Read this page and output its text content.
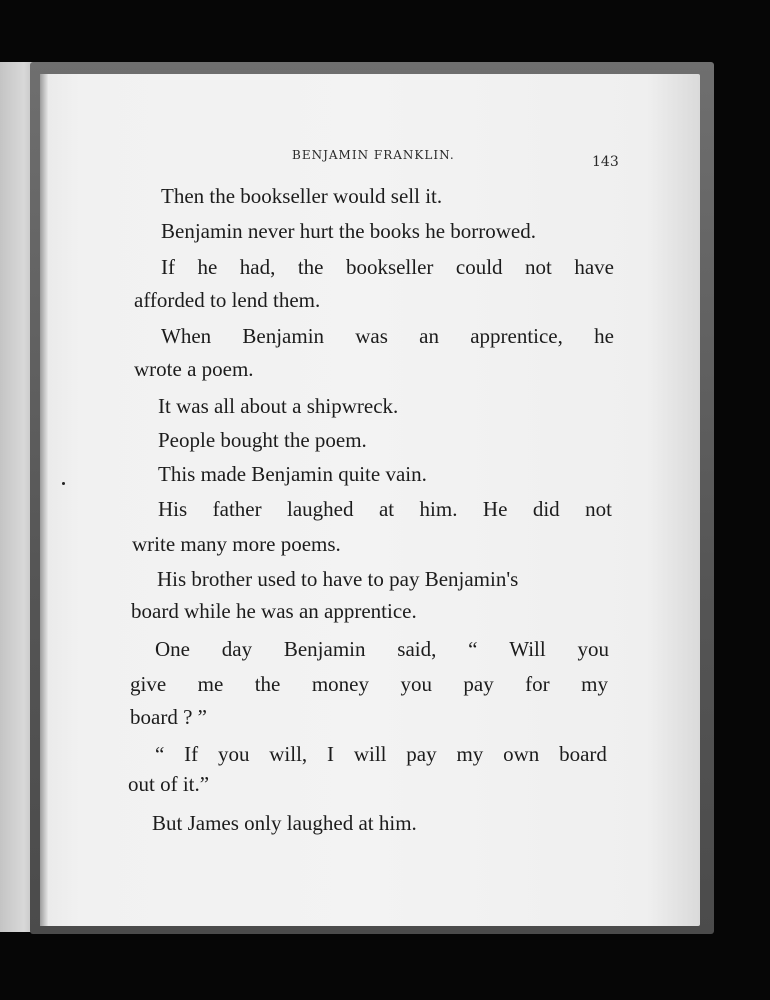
BENJAMIN FRANKLIN.	143
Then the bookseller would sell it.
Benjamin never hurt the books he borrowed.
If he had, the bookseller could not have
afforded to lend them.
When Benjamin was an apprentice, he
wrote a poem.
It was all about a shipwreck.
People bought the poem.
This made Benjamin quite vain.
His father laughed at him. He did not
write many more poems.
His brother used to have to pay Benjamin's
board while he was an apprentice.
One day Benjamin said, “ Will you
give me the money you pay for my
board ? ”
“ If you will, I will pay my own board
out of it.”
But James only laughed at him.
